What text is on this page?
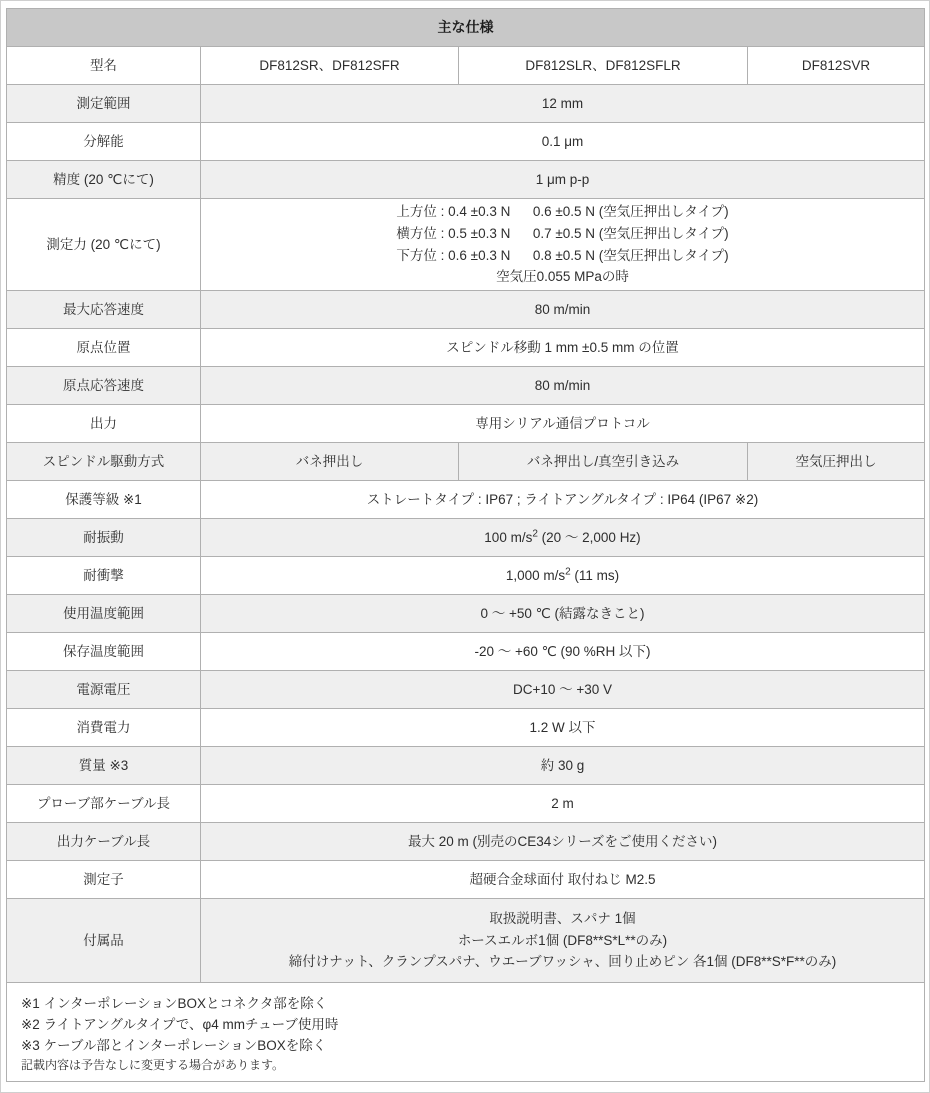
主な仕様			
型名	DF812SR、DF812SFR	DF812SLR、DF812SFLR	DF812SVR
測定範囲	12 mm		
分解能	0.1 μm		
精度 (20 ℃にて)	1 μm p-p		
測定力 (20 ℃にて)	上方位 : 0.4 ±0.3 N      0.6 ±0.5 N (空気圧押出しタイプ)
横方位 : 0.5 ±0.3 N      0.7 ±0.5 N (空気圧押出しタイプ)
下方位 : 0.6 ±0.3 N      0.8 ±0.5 N (空気圧押出しタイプ)
空気圧0.055 MPaの時		

最大応答速度	80 m/min		
原点位置	スピンドル移動 1 mm ±0.5 mm の位置		
原点応答速度	80 m/min		
出力	専用シリアル通信プロトコル		
スピンドル駆動方式	バネ押出し	バネ押出し/真空引き込み	空気圧押出し
保護等級 ※1	ストレートタイプ : IP67 ; ライトアングルタイプ : IP64 (IP67 ※2)		
耐振動	100 $m/s^2$ (20 ～ 2,000 Hz)		
耐衝撃	1,000 $m/s^2$ (11 ms)		
使用温度範囲	0 ～ +50 ℃ (結露なきこと)		
保存温度範囲	-20 ～ +60 ℃ (90 %RH 以下)		
電源電圧	DC+10 ～ +30 V		
消費電力	1.2 W 以下		
質量 ※3	約 30 g		
プローブ部ケーブル長	2 m		
出力ケーブル長	最大 20 m (別売のCE34シリーズをご使用ください)		
測定子	超硬合金球面付 取付ねじ M2.5		
付属品	取扱説明書、スパナ 1個
ホースエルボ1個 (DF8**S*L**のみ)
締付けナット、クランプスパナ、ウエーブワッシャ、回り止めピン 各1個 (DF8**S*F**のみ)		

※1 インターポレーションBOXとコネクタ部を除く
※2 ライトアングルタイプで、φ4 mmチューブ使用時
※3 ケーブル部とインターポレーションBOXを除く
記載内容は予告なしに変更する場合があります。			
